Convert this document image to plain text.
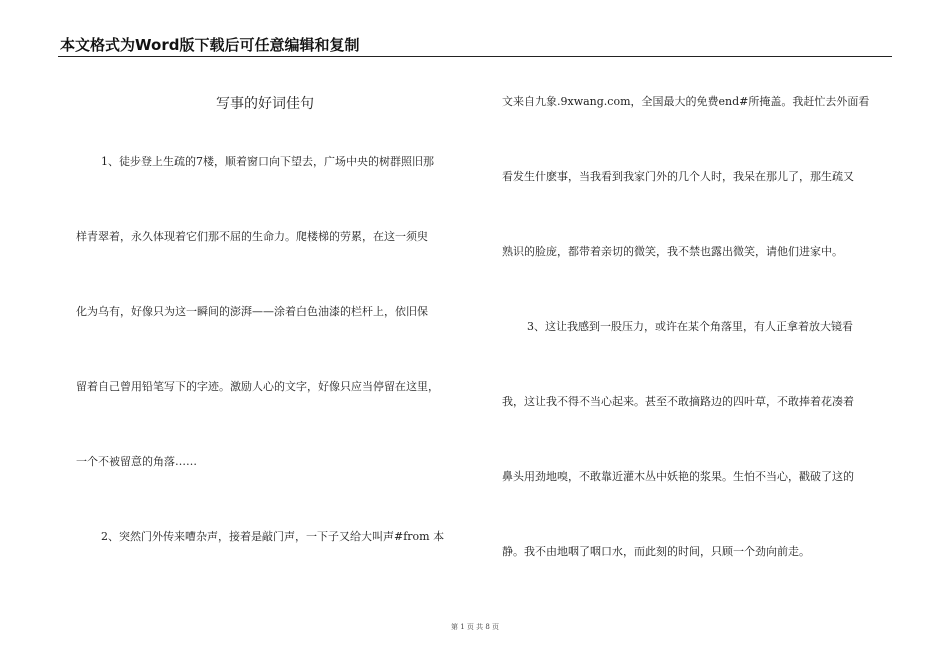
本文格式为Word版下载后可任意编辑和复制
写事的好词佳句
1、徒步登上生疏的7楼，顺着窗口向下望去，广场中央的树群照旧那
样青翠着，永久体现着它们那不屈的生命力。爬楼梯的劳累，在这一须臾
化为乌有，好像只为这一瞬间的澎湃——涂着白色油漆的栏杆上，依旧保
留着自己曾用铅笔写下的字迹。激励人心的文字，好像只应当停留在这里，
一个不被留意的角落……
2、突然门外传来嘈杂声，接着是敲门声，一下子又给大叫声#from 本
文来自九象.9xwang.com，全国最大的免费end#所掩盖。我赶忙去外面看
看发生什麽事，当我看到我家门外的几个人时，我呆在那儿了，那生疏又
熟识的脸庞，都带着亲切的微笑，我不禁也露出微笑，请他们进家中。
3、这让我感到一股压力，或许在某个角落里，有人正拿着放大镜看
我，这让我不得不当心起来。甚至不敢摘路边的四叶草，不敢捧着花凑着
鼻头用劲地嗅，不敢靠近灌木丛中妖艳的浆果。生怕不当心，戳破了这的
静。我不由地咽了咽口水，而此刻的时间，只顾一个劲向前走。
第 1 页 共 8 页
